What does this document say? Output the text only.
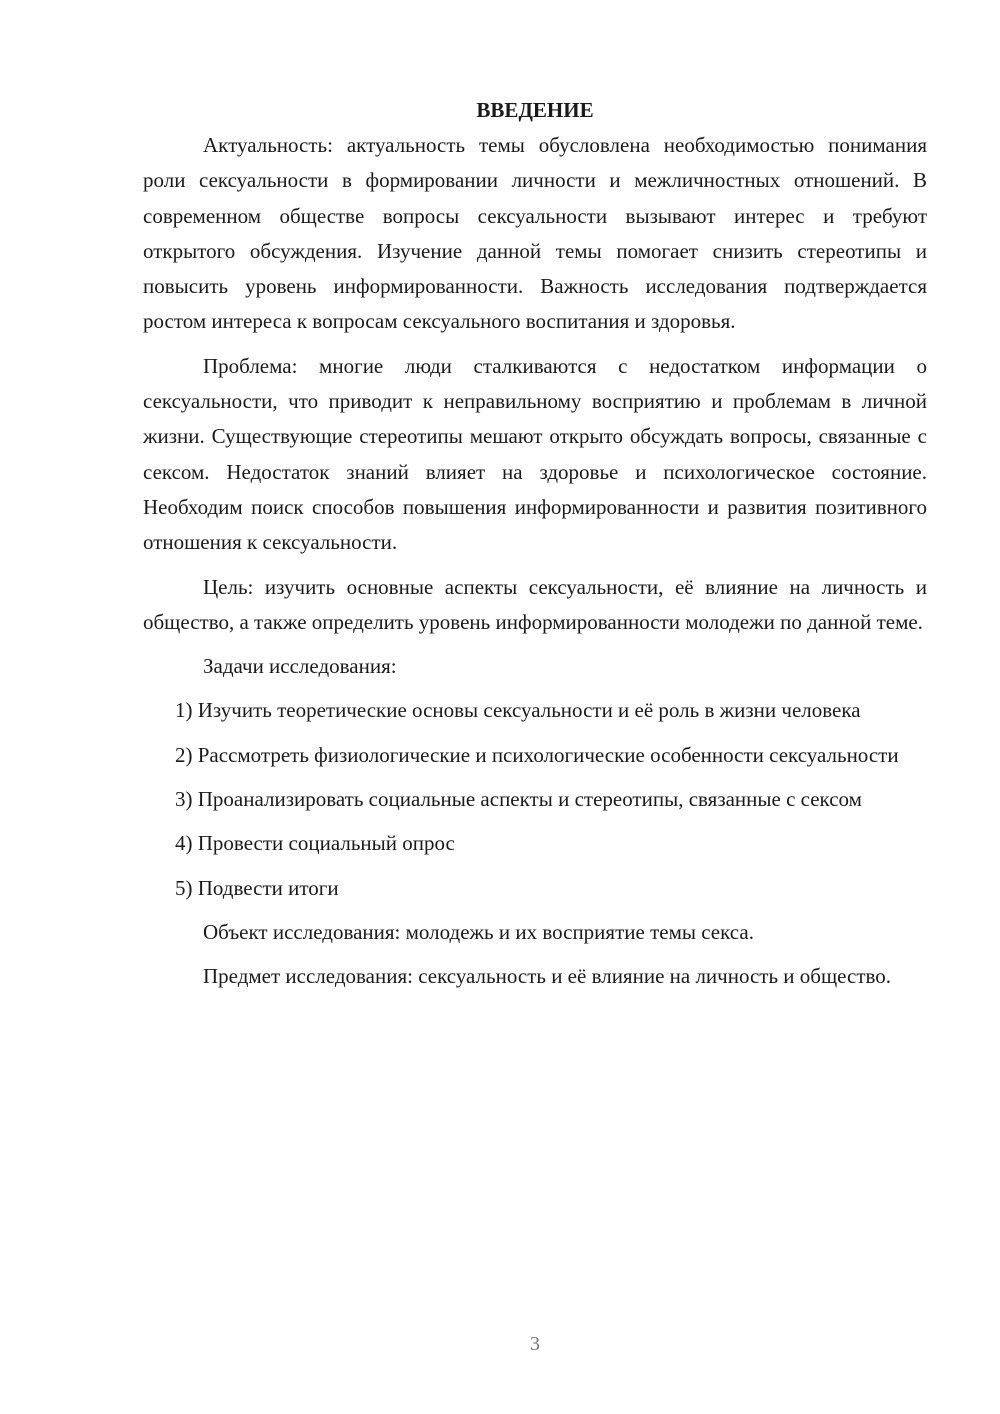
ВВЕДЕНИЕ

Актуальность: актуальность темы обусловлена необходимостью понимания роли сексуальности в формировании личности и межличностных отношений. В современном обществе вопросы сексуальности вызывают интерес и требуют открытого обсуждения. Изучение данной темы помогает снизить стереотипы и повысить уровень информированности. Важность исследования подтверждается ростом интереса к вопросам сексуального воспитания и здоровья.

Проблема: многие люди сталкиваются с недостатком информации о сексуальности, что приводит к неправильному восприятию и проблемам в личной жизни. Существующие стереотипы мешают открыто обсуждать вопросы, связанные с сексом. Недостаток знаний влияет на здоровье и психологическое состояние. Необходим поиск способов повышения информированности и развития позитивного отношения к сексуальности.

Цель: изучить основные аспекты сексуальности, её влияние на личность и общество, а также определить уровень информированности молодежи по данной теме.

Задачи исследования:

1) Изучить теоретические основы сексуальности и её роль в жизни человека

2) Рассмотреть физиологические и психологические особенности сексуальности

3) Проанализировать социальные аспекты и стереотипы, связанные с сексом

4) Провести социальный опрос

5) Подвести итоги

Объект исследования: молодежь и их восприятие темы секса.

Предмет исследования: сексуальность и её влияние на личность и общество.

3
